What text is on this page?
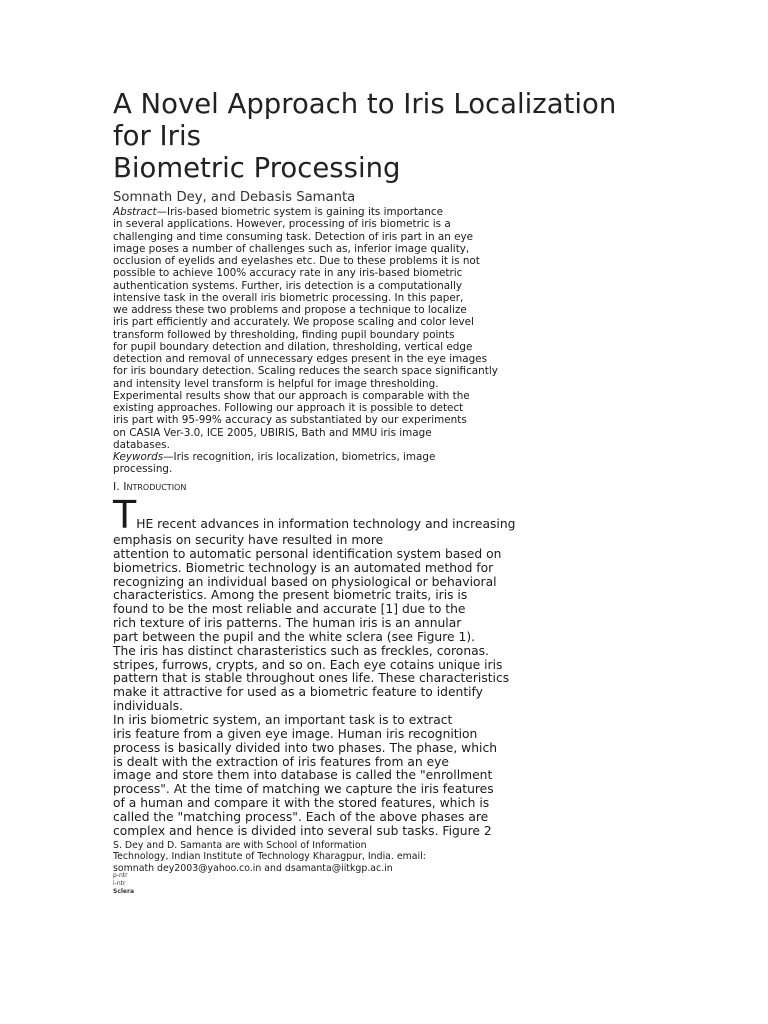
A Novel Approach to Iris Localization
for Iris
Biometric Processing
Somnath Dey, and Debasis Samanta
Abstract—Iris-based biometric system is gaining its importance
in several applications. However, processing of iris biometric is a
challenging and time consuming task. Detection of iris part in an eye
image poses a number of challenges such as, inferior image quality,
occlusion of eyelids and eyelashes etc. Due to these problems it is not
possible to achieve 100% accuracy rate in any iris-based biometric
authentication systems. Further, iris detection is a computationally
intensive task in the overall iris biometric processing. In this paper,
we address these two problems and propose a technique to localize
iris part efficiently and accurately. We propose scaling and color level
transform followed by thresholding, finding pupil boundary points
for pupil boundary detection and dilation, thresholding, vertical edge
detection and removal of unnecessary edges present in the eye images
for iris boundary detection. Scaling reduces the search space significantly
and intensity level transform is helpful for image thresholding.
Experimental results show that our approach is comparable with the
existing approaches. Following our approach it is possible to detect
iris part with 95-99% accuracy as substantiated by our experiments
on CASIA Ver-3.0, ICE 2005, UBIRIS, Bath and MMU iris image
databases.
Keywords—Iris recognition, iris localization, biometrics, image
processing.
I. Introduction
THE recent advances in information technology and increasing
emphasis on security have resulted in more
attention to automatic personal identification system based on
biometrics. Biometric technology is an automated method for
recognizing an individual based on physiological or behavioral
characteristics. Among the present biometric traits, iris is
found to be the most reliable and accurate [1] due to the
rich texture of iris patterns. The human iris is an annular
part between the pupil and the white sclera (see Figure 1).
The iris has distinct charasteristics such as freckles, coronas.
stripes, furrows, crypts, and so on. Each eye cotains unique iris
pattern that is stable throughout ones life. These characteristics
make it attractive for used as a biometric feature to identify
individuals.
In iris biometric system, an important task is to extract
iris feature from a given eye image. Human iris recognition
process is basically divided into two phases. The phase, which
is dealt with the extraction of iris features from an eye
image and store them into database is called the "enrollment
process". At the time of matching we capture the iris features
of a human and compare it with the stored features, which is
called the "matching process". Each of the above phases are
complex and hence is divided into several sub tasks. Figure 2
S. Dey and D. Samanta are with School of Information
Technology, Indian Institute of Technology Kharagpur, India. email:
somnath dey2003@yahoo.co.in and dsamanta@iitkgp.ac.in
p-ntr
i-ntr
Sclera
